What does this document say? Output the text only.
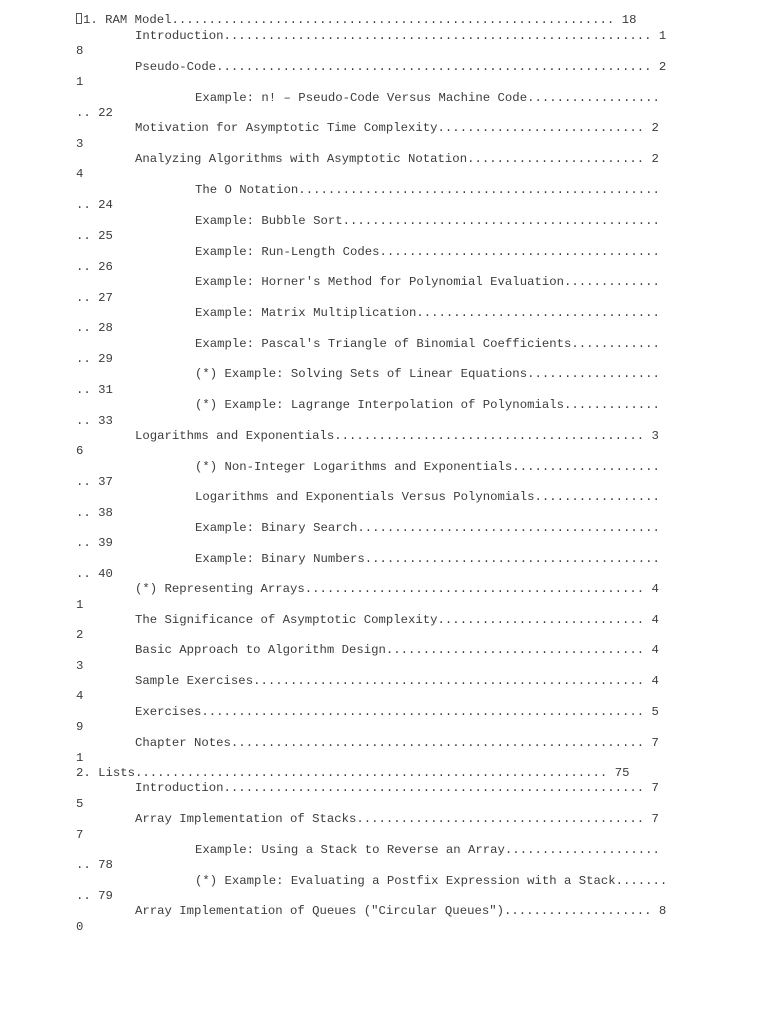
1. RAM Model............................................................ 18
Introduction.......................................................... 1
8
Pseudo-Code........................................................... 2
1
Example: n! – Pseudo-Code Versus Machine Code..................
.. 22
Motivation for Asymptotic Time Complexity............................ 2
3
Analyzing Algorithms with Asymptotic Notation........................ 2
4
The O Notation.................................................
.. 24
Example: Bubble Sort...........................................
.. 25
Example: Run-Length Codes......................................
.. 26
Example: Horner's Method for Polynomial Evaluation.............
.. 27
Example: Matrix Multiplication.................................
.. 28
Example: Pascal's Triangle of Binomial Coefficients............
.. 29
(*) Example: Solving Sets of Linear Equations..................
.. 31
(*) Example: Lagrange Interpolation of Polynomials.............
.. 33
Logarithms and Exponentials.......................................... 3
6
(*) Non-Integer Logarithms and Exponentials....................
.. 37
Logarithms and Exponentials Versus Polynomials.................
.. 38
Example: Binary Search.........................................
.. 39
Example: Binary Numbers........................................
.. 40
(*) Representing Arrays.............................................. 4
1
The Significance of Asymptotic Complexity............................ 4
2
Basic Approach to Algorithm Design................................... 4
3
Sample Exercises..................................................... 4
4
Exercises............................................................ 5
9
Chapter Notes........................................................ 7
1
2. Lists................................................................ 75
Introduction......................................................... 7
5
Array Implementation of Stacks....................................... 7
7
Example: Using a Stack to Reverse an Array.....................
.. 78
(*) Example: Evaluating a Postfix Expression with a Stack.......
.. 79
Array Implementation of Queues ("Circular Queues").................... 8
0
